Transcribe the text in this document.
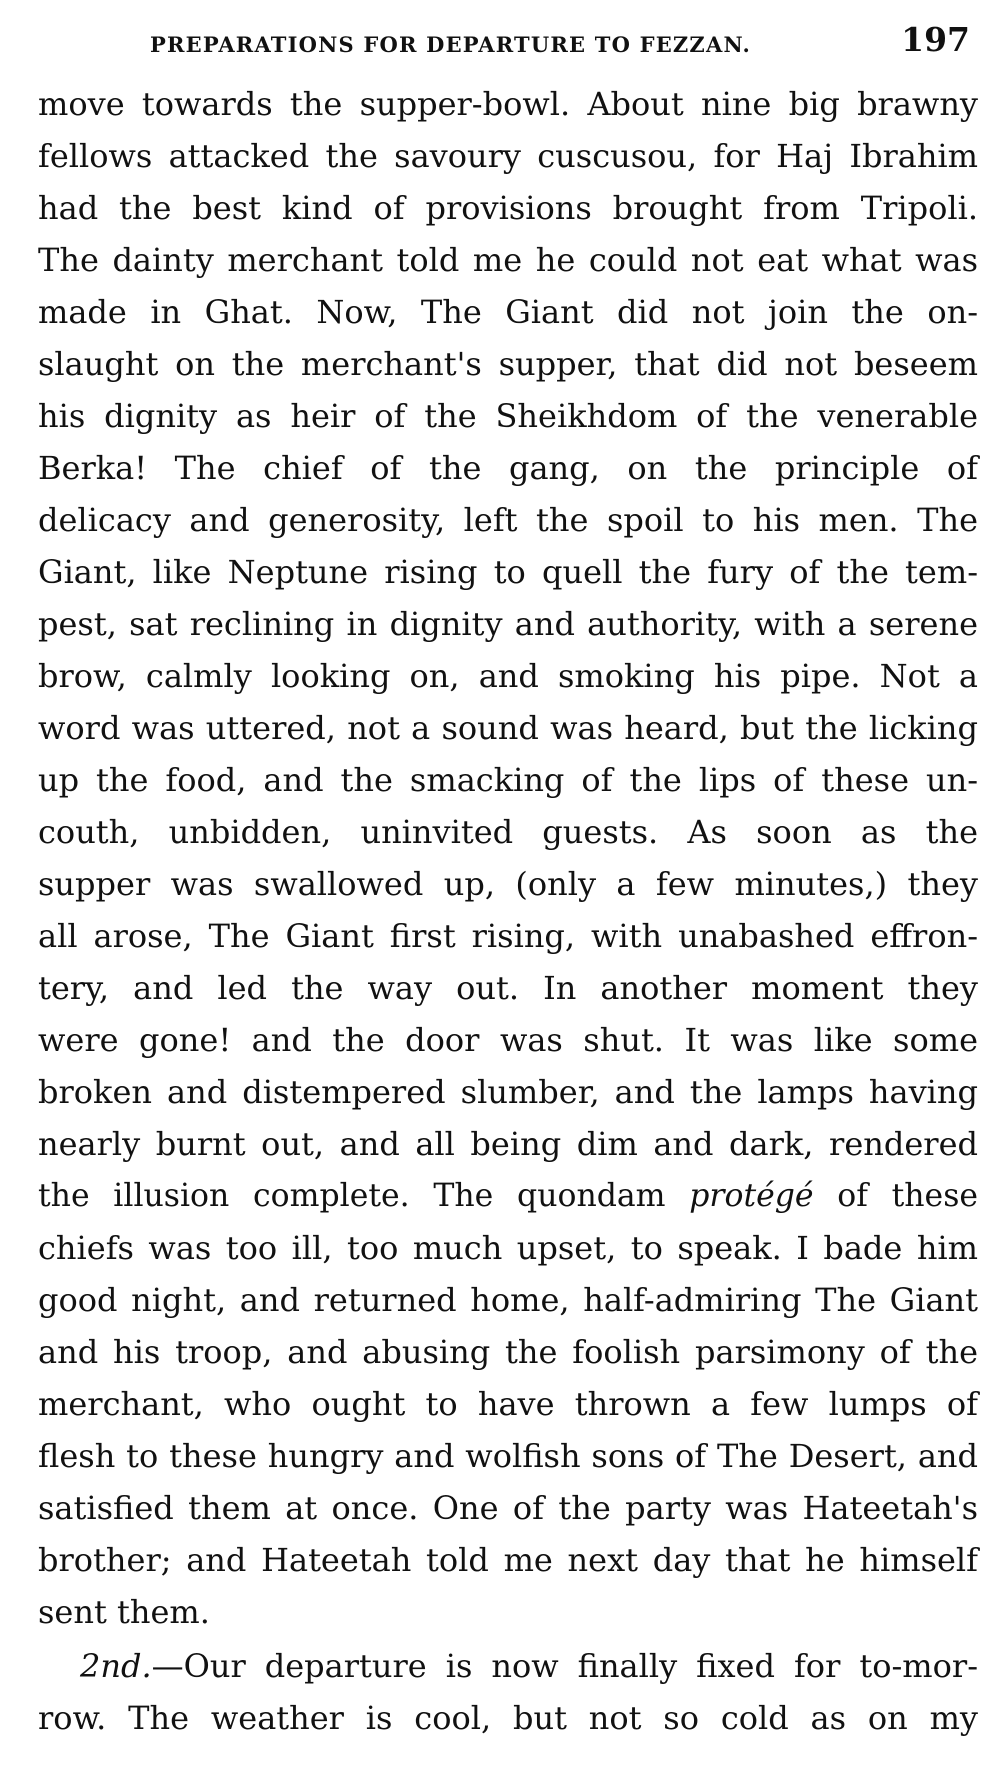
PREPARATIONS FOR DEPARTURE TO FEZZAN.	197
move towards the supper-bowl. About nine big brawny
fellows attacked the savoury cuscusou, for Haj Ibrahim
had the best kind of provisions brought from Tripoli.
The dainty merchant told me he could not eat what was
made in Ghat. Now, The Giant did not join the on-
slaught on the merchant's supper, that did not beseem
his dignity as heir of the Sheikhdom of the venerable
Berka! The chief of the gang, on the principle of
delicacy and generosity, left the spoil to his men. The
Giant, like Neptune rising to quell the fury of the tem-
pest, sat reclining in dignity and authority, with a serene
brow, calmly looking on, and smoking his pipe. Not a
word was uttered, not a sound was heard, but the licking
up the food, and the smacking of the lips of these un-
couth, unbidden, uninvited guests. As soon as the
supper was swallowed up, (only a few minutes,) they
all arose, The Giant first rising, with unabashed effron-
tery, and led the way out. In another moment they
were gone! and the door was shut. It was like some
broken and distempered slumber, and the lamps having
nearly burnt out, and all being dim and dark, rendered
the illusion complete. The quondam protégé of these
chiefs was too ill, too much upset, to speak. I bade him
good night, and returned home, half-admiring The Giant
and his troop, and abusing the foolish parsimony of the
merchant, who ought to have thrown a few lumps of
flesh to these hungry and wolfish sons of The Desert, and
satisfied them at once. One of the party was Hateetah's
brother; and Hateetah told me next day that he himself
sent them.
2nd.—Our departure is now finally fixed for to-mor-
row. The weather is cool, but not so cold as on my
